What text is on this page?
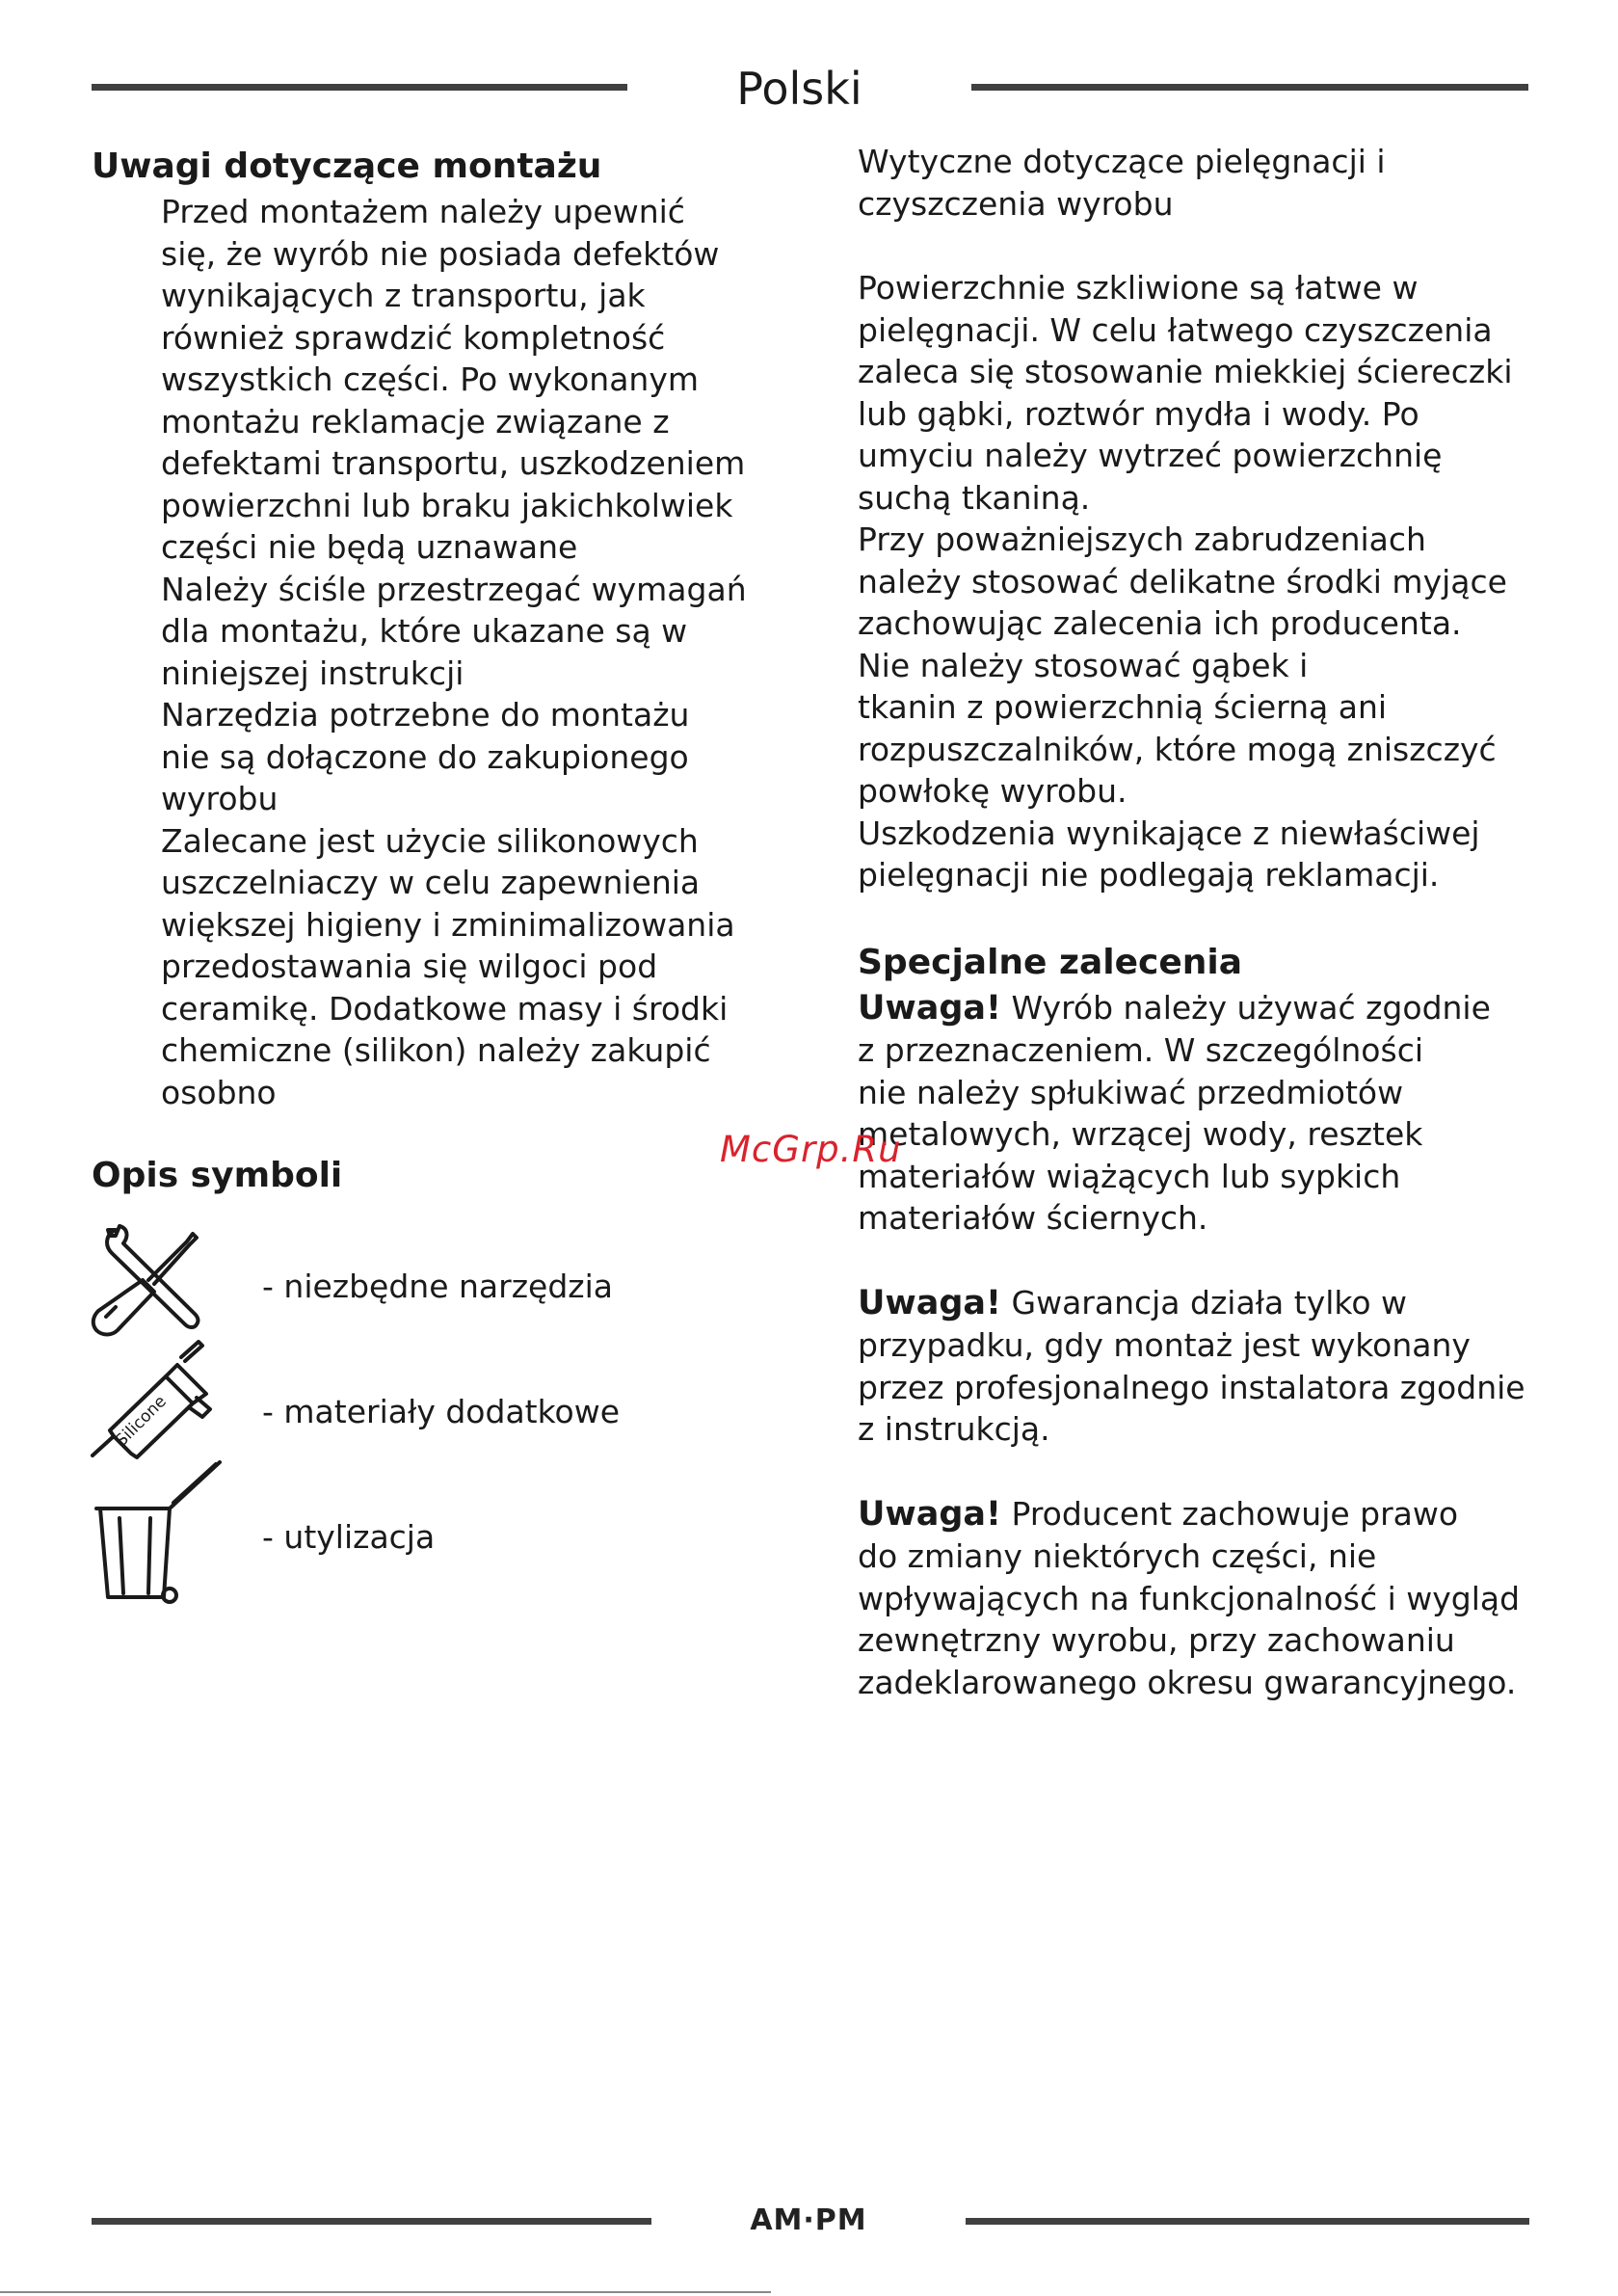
Polski
Uwagi dotyczące montażu
Przed montażem należy upewnić
się, że wyrób nie posiada defektów
wynikających z transportu, jak
również sprawdzić kompletność
wszystkich części. Po wykonanym
montażu reklamacje związane z
defektami transportu, uszkodzeniem
powierzchni lub braku jakichkolwiek
części nie będą uznawane
Należy ściśle przestrzegać wymagań
dla montażu, które ukazane są w
niniejszej instrukcji
Narzędzia potrzebne do montażu
nie są dołączone do zakupionego
wyrobu
Zalecane jest użycie silikonowych
uszczelniaczy w celu zapewnienia
większej higieny i zminimalizowania
przedostawania się wilgoci pod
ceramikę. Dodatkowe masy i środki
chemiczne (silikon) należy zakupić
osobno
Opis symboli
- niezbędne narzędzia
Silicone	- materiały dodatkowe
- utylizacja
Wytyczne dotyczące pielęgnacji i
czyszczenia wyrobu
Powierzchnie szkliwione są łatwe w
pielęgnacji. W celu łatwego czyszczenia
zaleca się stosowanie miekkiej ściereczki
lub gąbki, roztwór mydła i wody. Po
umyciu należy wytrzeć powierzchnię
suchą tkaniną.
Przy poważniejszych zabrudzeniach
należy stosować delikatne środki myjące
zachowując zalecenia ich producenta.
Nie należy stosować gąbek i
tkanin z powierzchnią ścierną ani
rozpuszczalników, które mogą zniszczyć
powłokę wyrobu.
Uszkodzenia wynikające z niewłaściwej
pielęgnacji nie podlegają reklamacji.
Specjalne zalecenia
Uwaga! Wyrób należy używać zgodnie
z przeznaczeniem. W szczególności
nie należy spłukiwać przedmiotów
metalowych, wrzącej wody, resztek
materiałów wiążących lub sypkich
materiałów ściernych.
Uwaga! Gwarancja działa tylko w
przypadku, gdy montaż jest wykonany
przez profesjonalnego instalatora zgodnie
z instrukcją.
Uwaga! Producent zachowuje prawo
do zmiany niektórych części, nie
wpływających na funkcjonalność i wygląd
zewnętrzny wyrobu, przy zachowaniu
zadeklarowanego okresu gwarancyjnego.
McGrp.Ru
AM·PM
